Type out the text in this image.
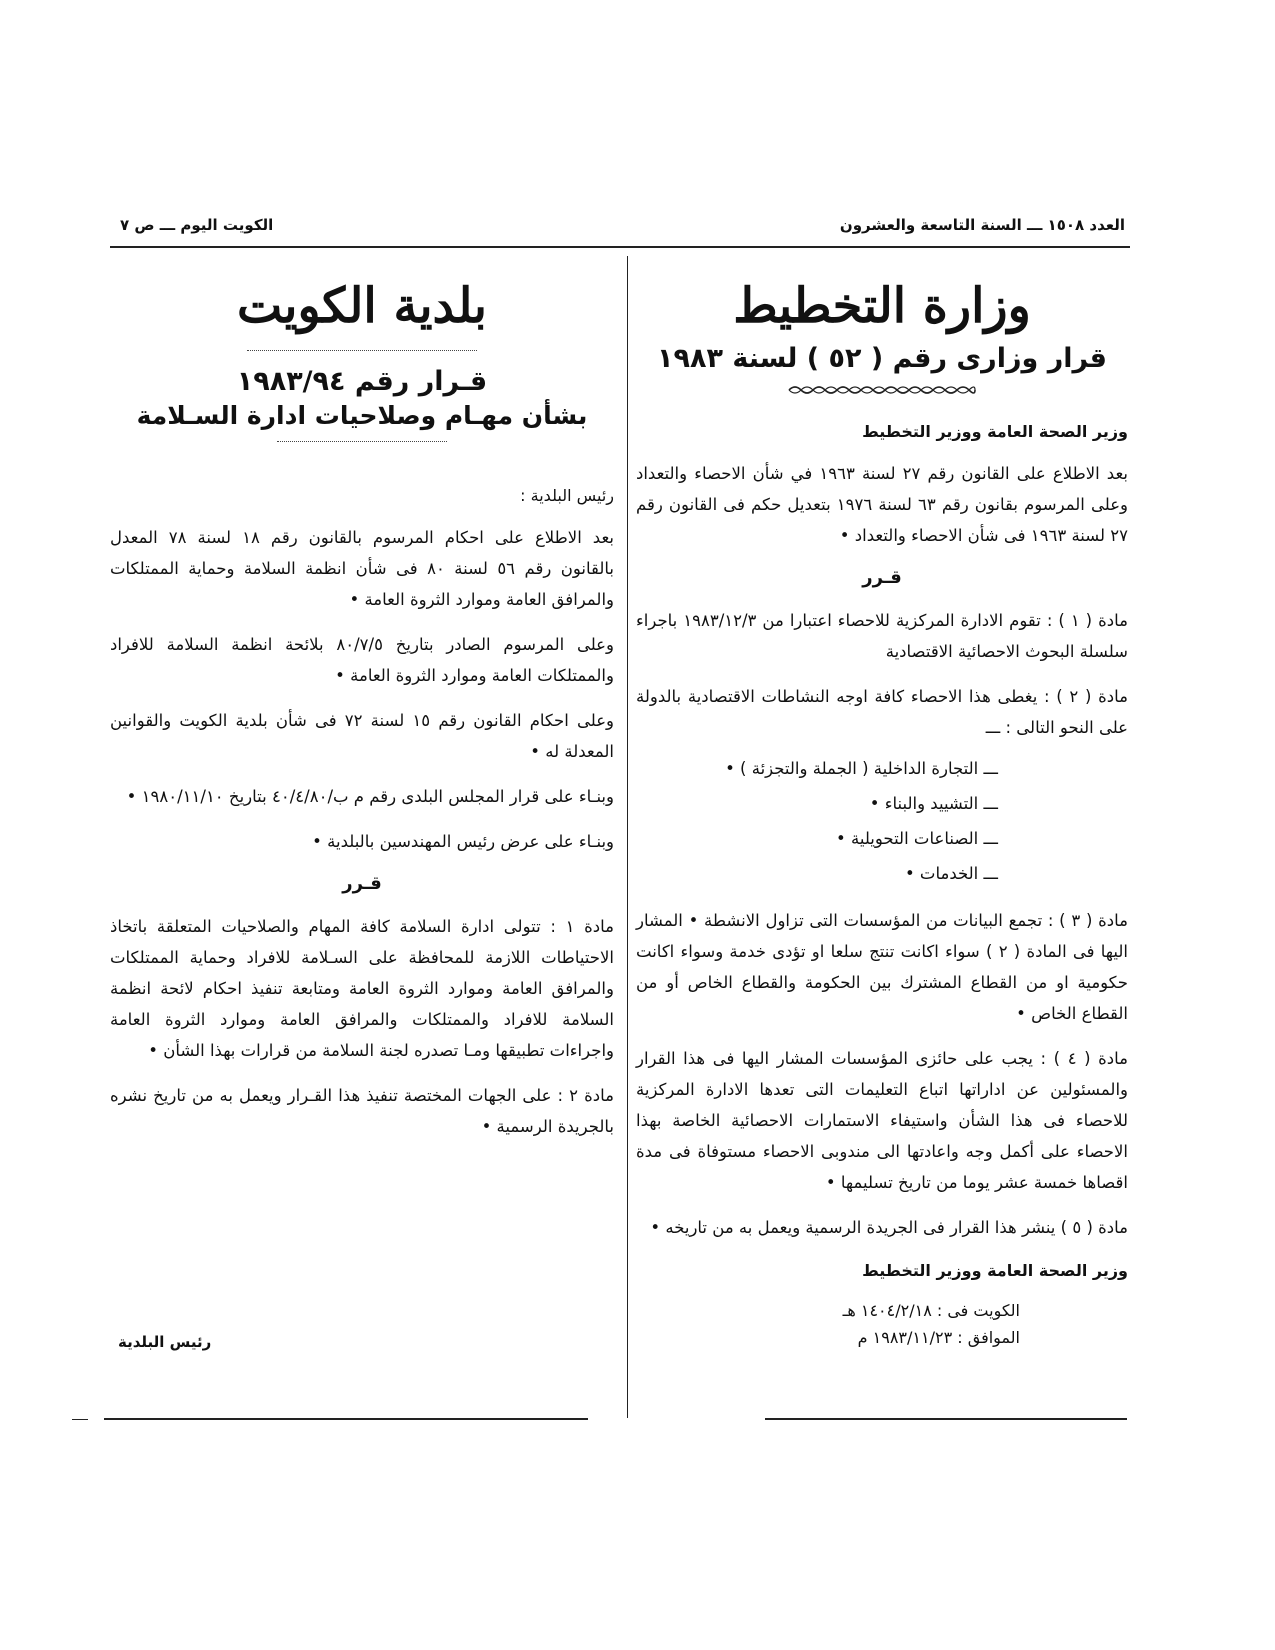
العدد ١٥٠٨ ـــ السنة التاسعة والعشرون
الكويت اليوم ـــ ص ٧
وزارة التخطيط
قرار وزارى رقم ( ٥٢ ) لسنة ١٩٨٣
وزير الصحة العامة ووزير التخطيط
بعد الاطلاع على القانون رقم ٢٧ لسنة ١٩٦٣ في شأن الاحصاء والتعداد وعلى المرسوم بقانون رقم ٦٣ لسنة ١٩٧٦ بتعديل حكم فى القانون رقم ٢٧ لسنة ١٩٦٣ فى شأن الاحصاء والتعداد •
قـرر
مادة ( ١ ) : تقوم الادارة المركزية للاحصاء اعتبارا من ١٩٨٣/١٢/٣ باجراء سلسلة البحوث الاحصائية الاقتصادية
مادة ( ٢ ) : يغطى هذا الاحصاء كافة اوجه النشاطات الاقتصادية بالدولة على النحو التالى : ـــ
ـــ التجارة الداخلية ( الجملة والتجزئة ) •
ـــ التشييد والبناء •
ـــ الصناعات التحويلية •
ـــ الخدمات •
مادة ( ٣ ) : تجمع البيانات من المؤسسات التى تزاول الانشطة • المشار اليها فى المادة ( ٢ ) سواء اكانت تنتج سلعا او تؤدى خدمة وسواء اكانت حكومية او من القطاع المشترك بين الحكومة والقطاع الخاص أو من القطاع الخاص •
مادة ( ٤ ) : يجب على حائزى المؤسسات المشار اليها فى هذا القرار والمسئولين عن اداراتها اتباع التعليمات التى تعدها الادارة المركزية للاحصاء فى هذا الشأن واستيفاء الاستمارات الاحصائية الخاصة بهذا الاحصاء على أكمل وجه واعادتها الى مندوبى الاحصاء مستوفاة فى مدة اقصاها خمسة عشر يوما من تاريخ تسليمها •
مادة ( ٥ ) ينشر هذا القرار فى الجريدة الرسمية ويعمل به من تاريخه •
وزير الصحة العامة ووزير التخطيط
الكويت فى : ١٤٠٤/٢/١٨ هـ
الموافق : ١٩٨٣/١١/٢٣ م
بلدية الكويت
قـرار رقم ١٩٨٣/٩٤
بشأن مهـام وصلاحيات ادارة السـلامة
رئيس البلدية :
بعد الاطلاع على احكام المرسوم بالقانون رقم ١٨ لسنة ٧٨ المعدل بالقانون رقم ٥٦ لسنة ٨٠ فى شأن انظمة السلامة وحماية الممتلكات والمرافق العامة وموارد الثروة العامة •
وعلى المرسوم الصادر بتاريخ ٨٠/٧/٥ بلائحة انظمة السلامة للافراد والممتلكات العامة وموارد الثروة العامة •
وعلى احكام القانون رقم ١٥ لسنة ٧٢ فى شأن بلدية الكويت والقوانين المعدلة له •
وبنـاء على قرار المجلس البلدى رقم م ب/٤٠/٤/٨٠ بتاريخ ١٩٨٠/١١/١٠ •
وبنـاء على عرض رئيس المهندسين بالبلدية •
قـرر
مادة ١ : تتولى ادارة السلامة كافة المهام والصلاحيات المتعلقة باتخاذ الاحتياطات اللازمة للمحافظة على السـلامة للافراد وحماية الممتلكات والمرافق العامة وموارد الثروة العامة ومتابعة تنفيذ احكام لائحة انظمة السلامة للافراد والممتلكات والمرافق العامة وموارد الثروة العامة واجراءات تطبيقها ومـا تصدره لجنة السلامة من قرارات بهذا الشأن •
مادة ٢ : على الجهات المختصة تنفيذ هذا القـرار ويعمل به من تاريخ نشره بالجريدة الرسمية •
رئيس البلدية
